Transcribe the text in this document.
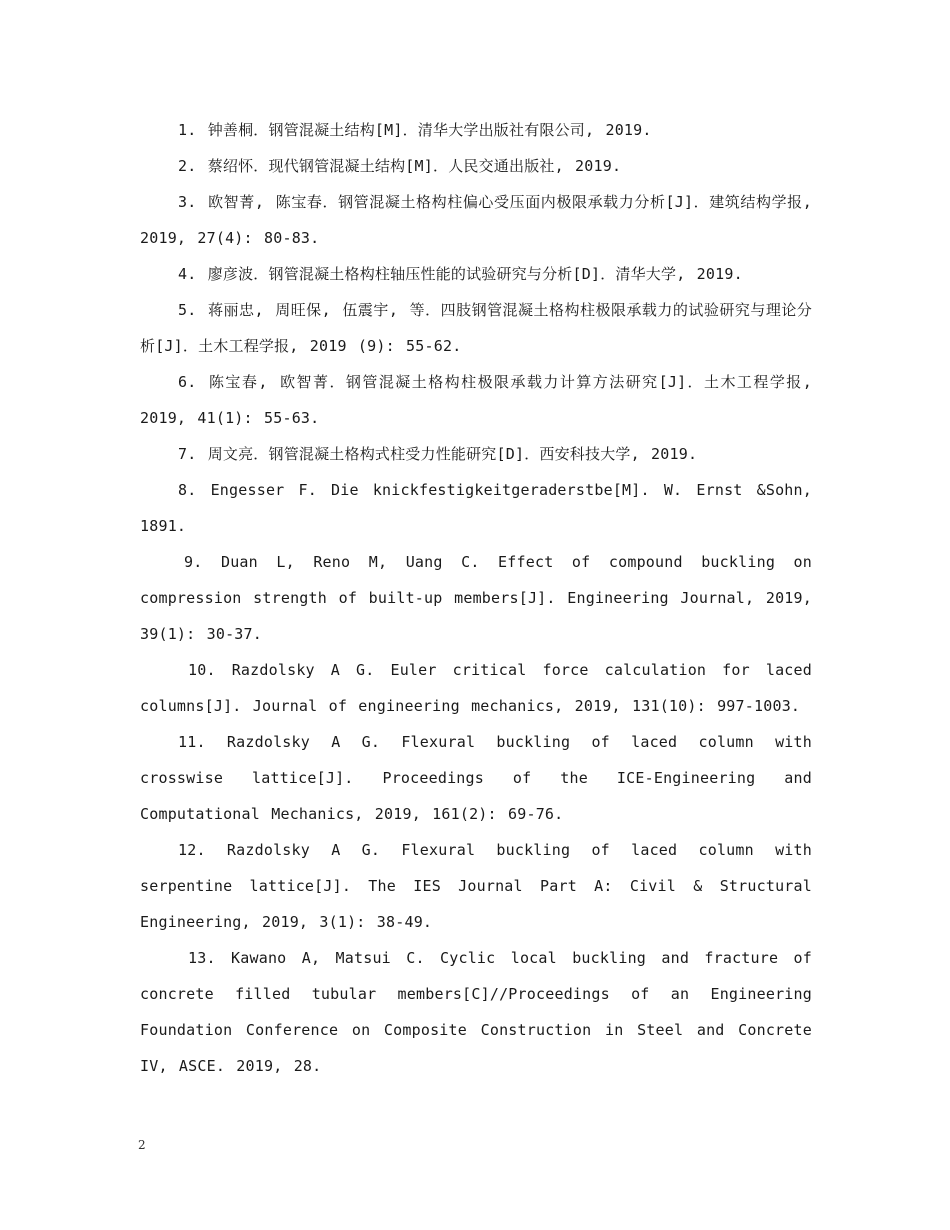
1. 钟善桐．钢管混凝土结构[M]．清华大学出版社有限公司, 2019.
2. 蔡绍怀．现代钢管混凝土结构[M]．人民交通出版社, 2019.
3. 欧智菁, 陈宝春．钢管混凝土格构柱偏心受压面内极限承载力分析[J]．建筑结构学报, 2019, 27(4): 80-83.
4. 廖彦波．钢管混凝土格构柱轴压性能的试验研究与分析[D]．清华大学, 2019.
5. 蒋丽忠, 周旺保, 伍震宇, 等．四肢钢管混凝土格构柱极限承载力的试验研究与理论分析[J]．土木工程学报, 2019 (9): 55-62.
6. 陈宝春, 欧智菁．钢管混凝土格构柱极限承载力计算方法研究[J]．土木工程学报, 2019, 41(1): 55-63.
7. 周文亮．钢管混凝土格构式柱受力性能研究[D]．西安科技大学, 2019.
8. Engesser F. Die knickfestigkeitgeraderstbe[M]. W. Ernst &Sohn, 1891.
9. Duan L, Reno M, Uang C. Effect of compound buckling on compression strength of built-up members[J]. Engineering Journal, 2019, 39(1): 30-37.
10. Razdolsky A G. Euler critical force calculation for laced columns[J]. Journal of engineering mechanics, 2019, 131(10): 997-1003.
11. Razdolsky A G. Flexural buckling of laced column with crosswise lattice[J]. Proceedings of the ICE-Engineering and Computational Mechanics, 2019, 161(2): 69-76.
12. Razdolsky A G. Flexural buckling of laced column with serpentine lattice[J]. The IES Journal Part A: Civil & Structural Engineering, 2019, 3(1): 38-49.
13. Kawano A, Matsui C. Cyclic local buckling and fracture of concrete filled tubular members[C]//Proceedings of an Engineering Foundation Conference on Composite Construction in Steel and Concrete IV, ASCE. 2019, 28.
2
